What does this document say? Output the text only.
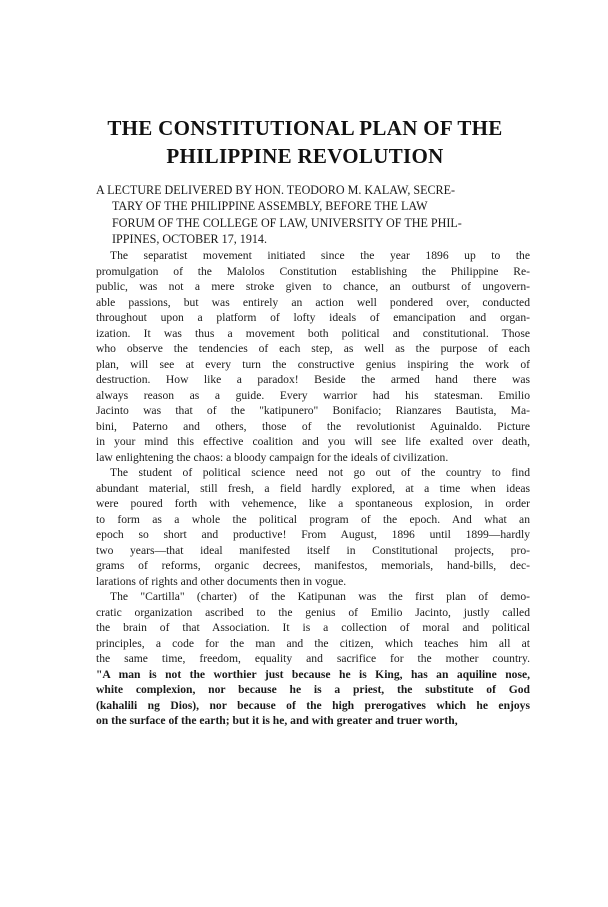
THE CONSTITUTIONAL PLAN OF THE
PHILIPPINE REVOLUTION
A LECTURE DELIVERED BY HON. TEODORO M. KALAW, SECRE-
TARY OF THE PHILIPPINE ASSEMBLY, BEFORE THE LAW
FORUM OF THE COLLEGE OF LAW, UNIVERSITY OF THE PHIL-
IPPINES, OCTOBER 17, 1914.
The separatist movement initiated since the year 1896 up to the
promulgation of the Malolos Constitution establishing the Philippine Re-
public, was not a mere stroke given to chance, an outburst of ungovern-
able passions, but was entirely an action well pondered over, conducted
throughout upon a platform of lofty ideals of emancipation and organ-
ization. It was thus a movement both political and constitutional. Those
who observe the tendencies of each step, as well as the purpose of each
plan, will see at every turn the constructive genius inspiring the work of
destruction. How like a paradox! Beside the armed hand there was
always reason as a guide. Every warrior had his statesman. Emilio
Jacinto was that of the "katipunero" Bonifacio; Rianzares Bautista, Ma-
bini, Paterno and others, those of the revolutionist Aguinaldo. Picture
in your mind this effective coalition and you will see life exalted over death,
law enlightening the chaos: a bloody campaign for the ideals of civilization.
The student of political science need not go out of the country to find
abundant material, still fresh, a field hardly explored, at a time when ideas
were poured forth with vehemence, like a spontaneous explosion, in order
to form as a whole the political program of the epoch. And what an
epoch so short and productive! From August, 1896 until 1899—hardly
two years—that ideal manifested itself in Constitutional projects, pro-
grams of reforms, organic decrees, manifestos, memorials, hand-bills, dec-
larations of rights and other documents then in vogue.
The "Cartilla" (charter) of the Katipunan was the first plan of demo-
cratic organization ascribed to the genius of Emilio Jacinto, justly called
the brain of that Association. It is a collection of moral and political
principles, a code for the man and the citizen, which teaches him all at
the same time, freedom, equality and sacrifice for the mother country.
"A man is not the worthier just because he is King, has an aquiline nose,
white complexion, nor because he is a priest, the substitute of God
(kahalili ng Dios), nor because of the high prerogatives which he enjoys
on the surface of the earth; but it is he, and with greater and truer worth,
